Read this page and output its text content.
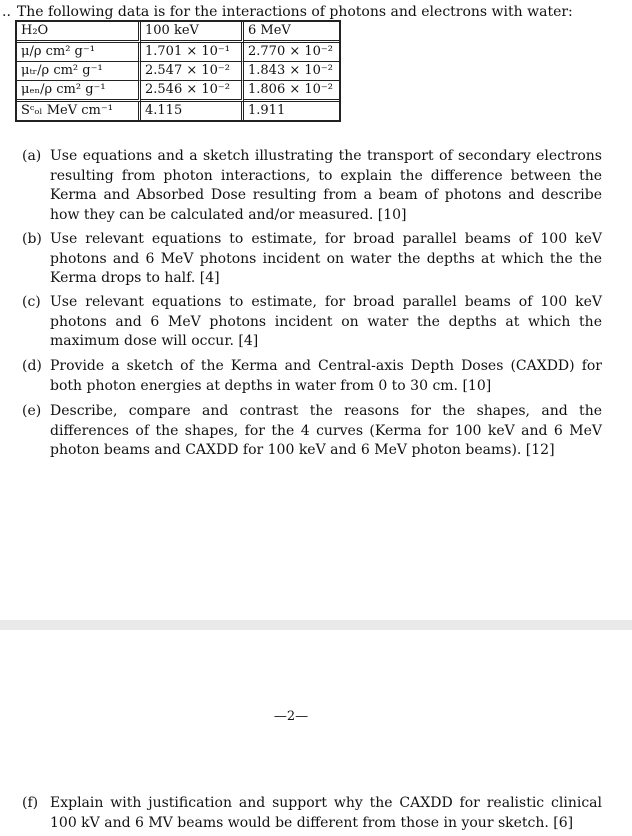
.. The following data is for the interactions of photons and electrons with water:
H₂O	100 keV	6 MeV
μ/ρ cm² g⁻¹	1.701 × 10⁻¹	2.770 × 10⁻²
μₜᵣ/ρ cm² g⁻¹	2.547 × 10⁻²	1.843 × 10⁻²
μₑₙ/ρ cm² g⁻¹	2.546 × 10⁻²	1.806 × 10⁻²
Sᶜₒₗ MeV cm⁻¹	4.115	1.911
(a) Use equations and a sketch illustrating the transport of secondary electrons resulting from photon interactions, to explain the difference between the Kerma and Absorbed Dose resulting from a beam of photons and describe how they can be calculated and/or measured. [10]
(b) Use relevant equations to estimate, for broad parallel beams of 100 keV photons and 6 MeV photons incident on water the depths at which the the Kerma drops to half. [4]
(c) Use relevant equations to estimate, for broad parallel beams of 100 keV photons and 6 MeV photons incident on water the depths at which the maximum dose will occur. [4]
(d) Provide a sketch of the Kerma and Central-axis Depth Doses (CAXDD) for both photon energies at depths in water from 0 to 30 cm. [10]
(e) Describe, compare and contrast the reasons for the shapes, and the differences of the shapes, for the 4 curves (Kerma for 100 keV and 6 MeV photon beams and CAXDD for 100 keV and 6 MeV photon beams). [12]
—2—
(f) Explain with justification and support why the CAXDD for realistic clinical 100 kV and 6 MV beams would be different from those in your sketch. [6]
